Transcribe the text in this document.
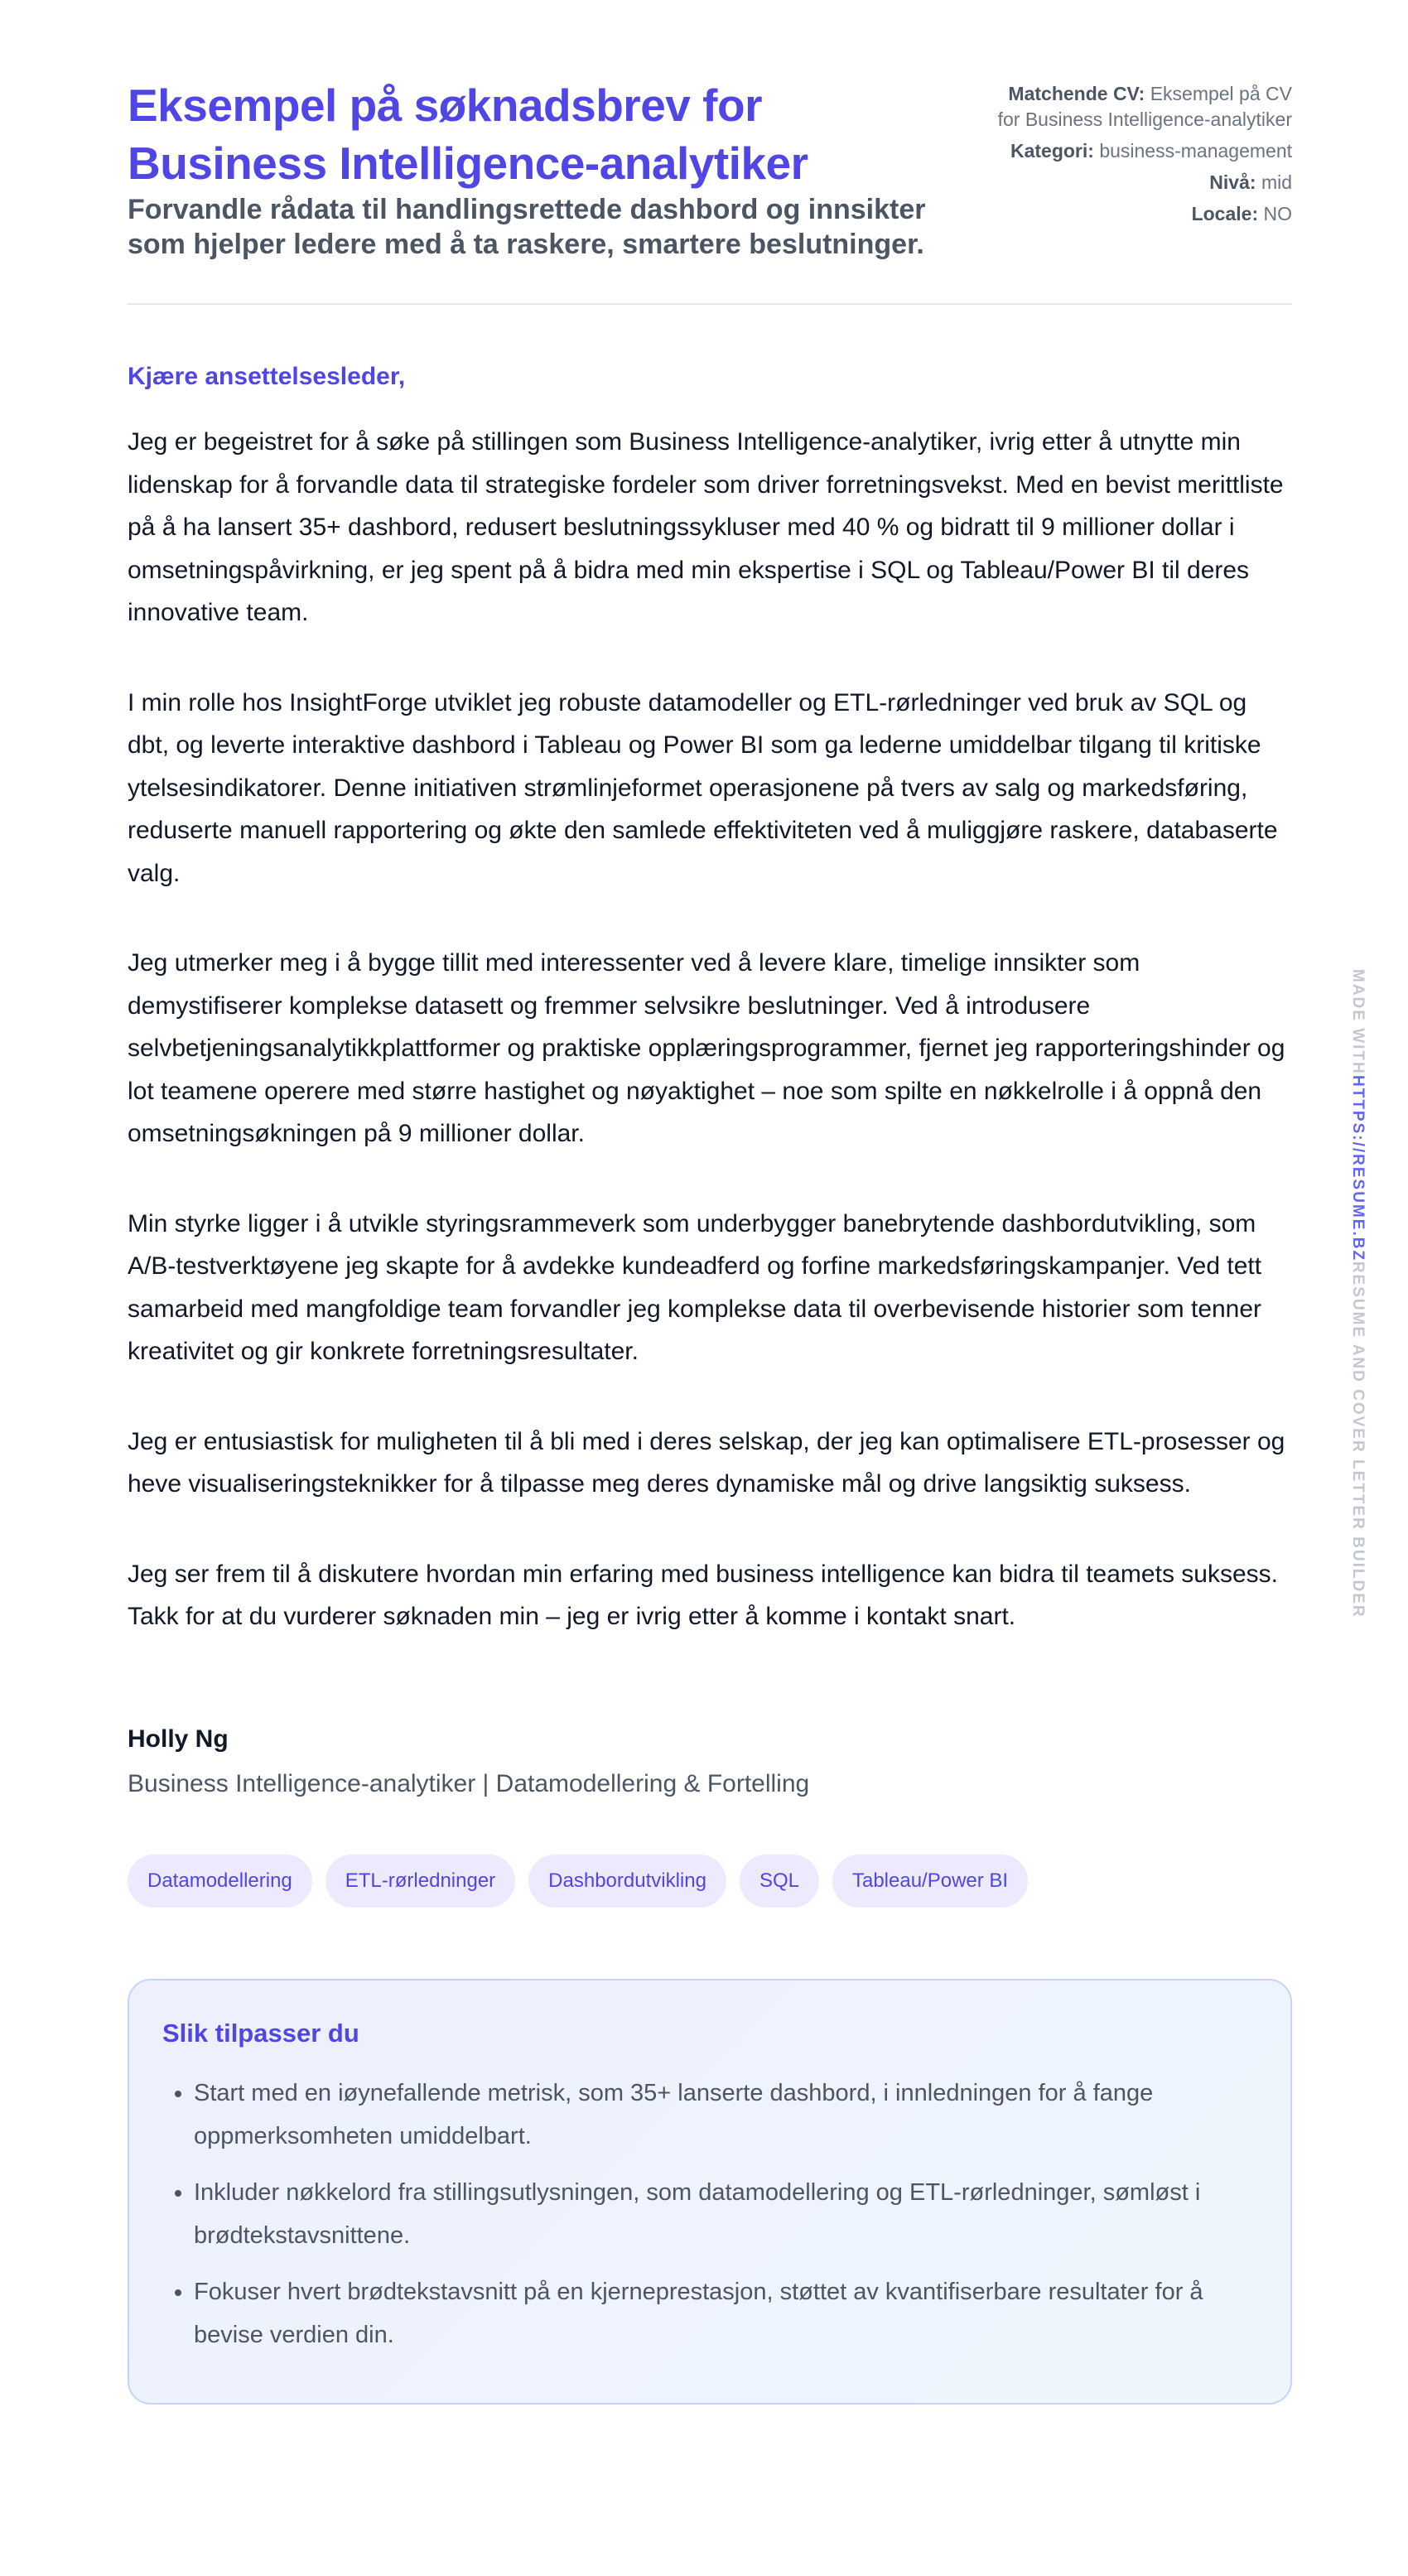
Eksempel på søknadsbrev for Business Intelligence-analytiker
Forvandle rådata til handlingsrettede dashbord og innsikter som hjelper ledere med å ta raskere, smartere beslutninger.
Matchende CV: Eksempel på CV for Business Intelligence-analytiker
Kategori: business-management
Nivå: mid
Locale: NO
Kjære ansettelsesleder,

Jeg er begeistret for å søke på stillingen som Business Intelligence-analytiker, ivrig etter å utnytte min lidenskap for å forvandle data til strategiske fordeler som driver forretningsvekst. Med en bevist merittliste på å ha lansert 35+ dashbord, redusert beslutningssykluser med 40 % og bidratt til 9 millioner dollar i omsetningspåvirkning, er jeg spent på å bidra med min ekspertise i SQL og Tableau/Power BI til deres innovative team.

I min rolle hos InsightForge utviklet jeg robuste datamodeller og ETL-rørledninger ved bruk av SQL og dbt, og leverte interaktive dashbord i Tableau og Power BI som ga lederne umiddelbar tilgang til kritiske ytelsesindikatorer. Denne initiativen strømlinjeformet operasjonene på tvers av salg og markedsføring, reduserte manuell rapportering og økte den samlede effektiviteten ved å muliggjøre raskere, databaserte valg.

Jeg utmerker meg i å bygge tillit med interessenter ved å levere klare, timelige innsikter som demystifiserer komplekse datasett og fremmer selvsikre beslutninger. Ved å introdusere selvbetjeningsanalytikkplattformer og praktiske opplæringsprogrammer, fjernet jeg rapporteringshinder og lot teamene operere med større hastighet og nøyaktighet – noe som spilte en nøkkelrolle i å oppnå den omsetningsøkningen på 9 millioner dollar.

Min styrke ligger i å utvikle styringsrammeverk som underbygger banebrytende dashbordutvikling, som A/B-testverktøyene jeg skapte for å avdekke kundeadferd og forfine markedsføringskampanjer. Ved tett samarbeid med mangfoldige team forvandler jeg komplekse data til overbevisende historier som tenner kreativitet og gir konkrete forretningsresultater.

Jeg er entusiastisk for muligheten til å bli med i deres selskap, der jeg kan optimalisere ETL-prosesser og heve visualiseringsteknikker for å tilpasse meg deres dynamiske mål og drive langsiktig suksess.

Jeg ser frem til å diskutere hvordan min erfaring med business intelligence kan bidra til teamets suksess. Takk for at du vurderer søknaden min – jeg er ivrig etter å komme i kontakt snart.

Holly Ng
Business Intelligence-analytiker | Datamodellering & Fortelling
Datamodellering	ETL-rørledninger	Dashbordutvikling	SQL	Tableau/Power BI
Slik tilpasser du
• Start med en iøynefallende metrisk, som 35+ lanserte dashbord, i innledningen for å fange oppmerksomheten umiddelbart.
• Inkluder nøkkelord fra stillingsutlysningen, som datamodellering og ETL-rørledninger, sømløst i brødtekstavsnittene.
• Fokuser hvert brødtekstavsnitt på en kjerneprestasjon, støttet av kvantifiserbare resultater for å bevise verdien din.
MADE WITHHTTPS://RESUME.BZRESUME AND COVER LETTER BUILDER
